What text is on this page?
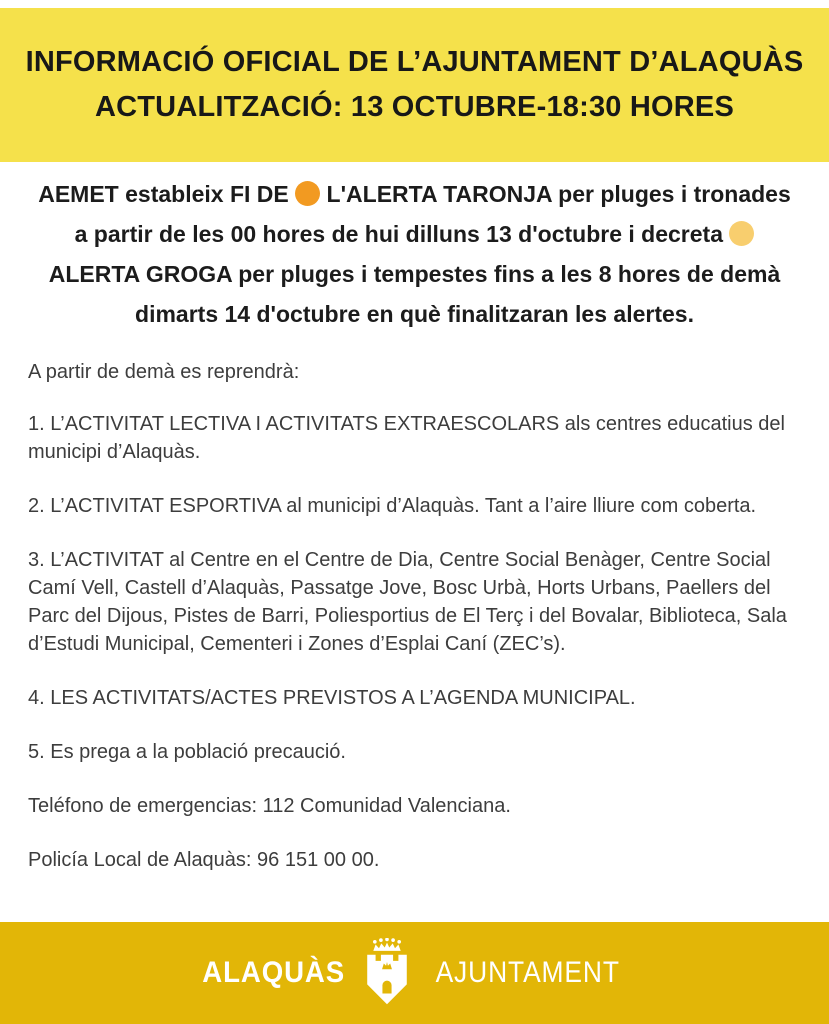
INFORMACIÓ OFICIAL DE L’AJUNTAMENT D’ALAQUÀS
ACTUALITZACIÓ: 13 OCTUBRE-18:30 HORES

AEMET estableix FI DE  L'ALERTA TARONJA per pluges i tronades a partir de les 00 hores de hui dilluns 13 d'octubre i decreta ALERTA GROGA per pluges i tempestes fins a les 8 hores de demà dimarts 14 d'octubre en què finalitzaran les alertes.

A partir de demà es reprendrà:

1. L’ACTIVITAT LECTIVA I ACTIVITATS EXTRAESCOLARS als centres educatius del municipi d’Alaquàs.

2. L’ACTIVITAT ESPORTIVA al municipi d’Alaquàs. Tant a l’aire lliure com coberta.

3. L’ACTIVITAT al Centre en el Centre de Dia, Centre Social Benàger, Centre Social Camí Vell, Castell d’Alaquàs, Passatge Jove, Bosc Urbà, Horts Urbans, Paellers del Parc del Dijous, Pistes de Barri, Poliesportius de El Terç i del Bovalar, Biblioteca, Sala d’Estudi Municipal, Cementeri i Zones d’Esplai Caní (ZEC’s).

4. LES ACTIVITATS/ACTES PREVISTOS A L’AGENDA MUNICIPAL.

5. Es prega a la població precaució.

Teléfono de emergencias: 112 Comunidad Valenciana.

Policía Local de Alaquàs: 96 151 00 00.

ALAQUÀS	AJUNTAMENT
